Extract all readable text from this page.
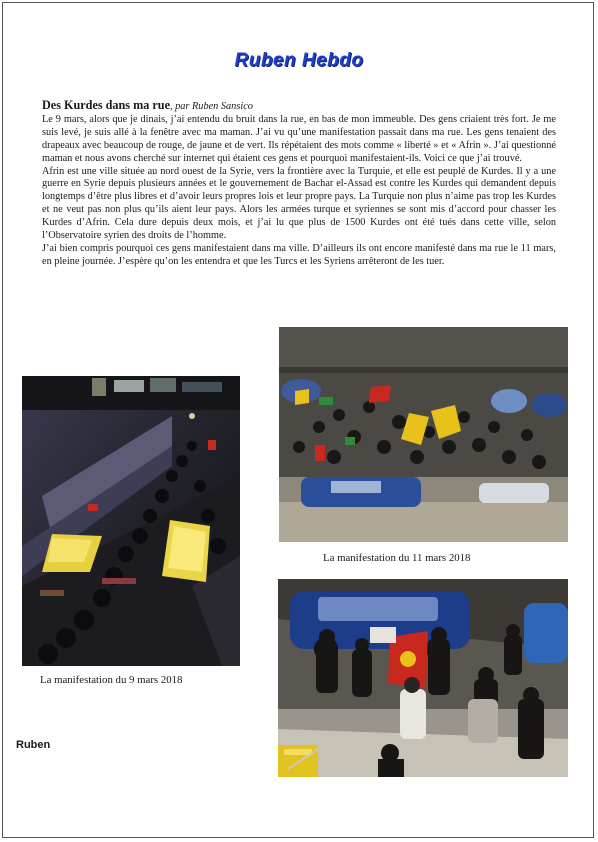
Ruben Hebdo

Des Kurdes dans ma rue, par Ruben Sansico
Le 9 mars, alors que je dinais, j’ai entendu du bruit dans la rue, en bas de mon immeuble. Des gens criaient très fort. Je me suis levé, je suis allé à la fenêtre avec ma maman. J’ai vu qu’une manifestation passait dans ma rue. Les gens tenaient des drapeaux avec beaucoup de rouge, de jaune et de vert. Ils répétaient des mots comme « liberté » et « Afrin ». J’ai questionné maman et nous avons cherché sur internet qui étaient ces gens et pourquoi manifestaient-ils. Voici ce que j’ai trouvé.

Afrin est une ville située au nord ouest de la Syrie, vers la frontière avec la Turquie, et elle est peuplé de Kurdes. Il y a une guerre en Syrie depuis plusieurs années et le gouvernement de Bachar el-Assad est contre les Kurdes qui demandent depuis longtemps d’être plus libres et d’avoir leurs propres lois et leur propre pays. La Turquie non plus n’aime pas trop les Kurdes et ne veut pas non plus qu’ils aient leur pays. Alors les armées turque et syriennes se sont mis d’accord pour chasser les Kurdes d’Afrin. Cela dure depuis deux mois, et j’ai lu que plus de 1500 Kurdes ont été tués dans cette ville, selon l’Observatoire syrien des droits de l’homme.

J’ai bien compris pourquoi ces gens manifestaient dans ma ville. D’ailleurs ils ont encore manifesté dans ma rue le 11 mars, en pleine journée. J’espère qu’on les entendra et que les Turcs et les Syriens arrêteront de les tuer.

La manifestation du 9 mars 2018
La manifestation du 11 mars 2018
Ruben
